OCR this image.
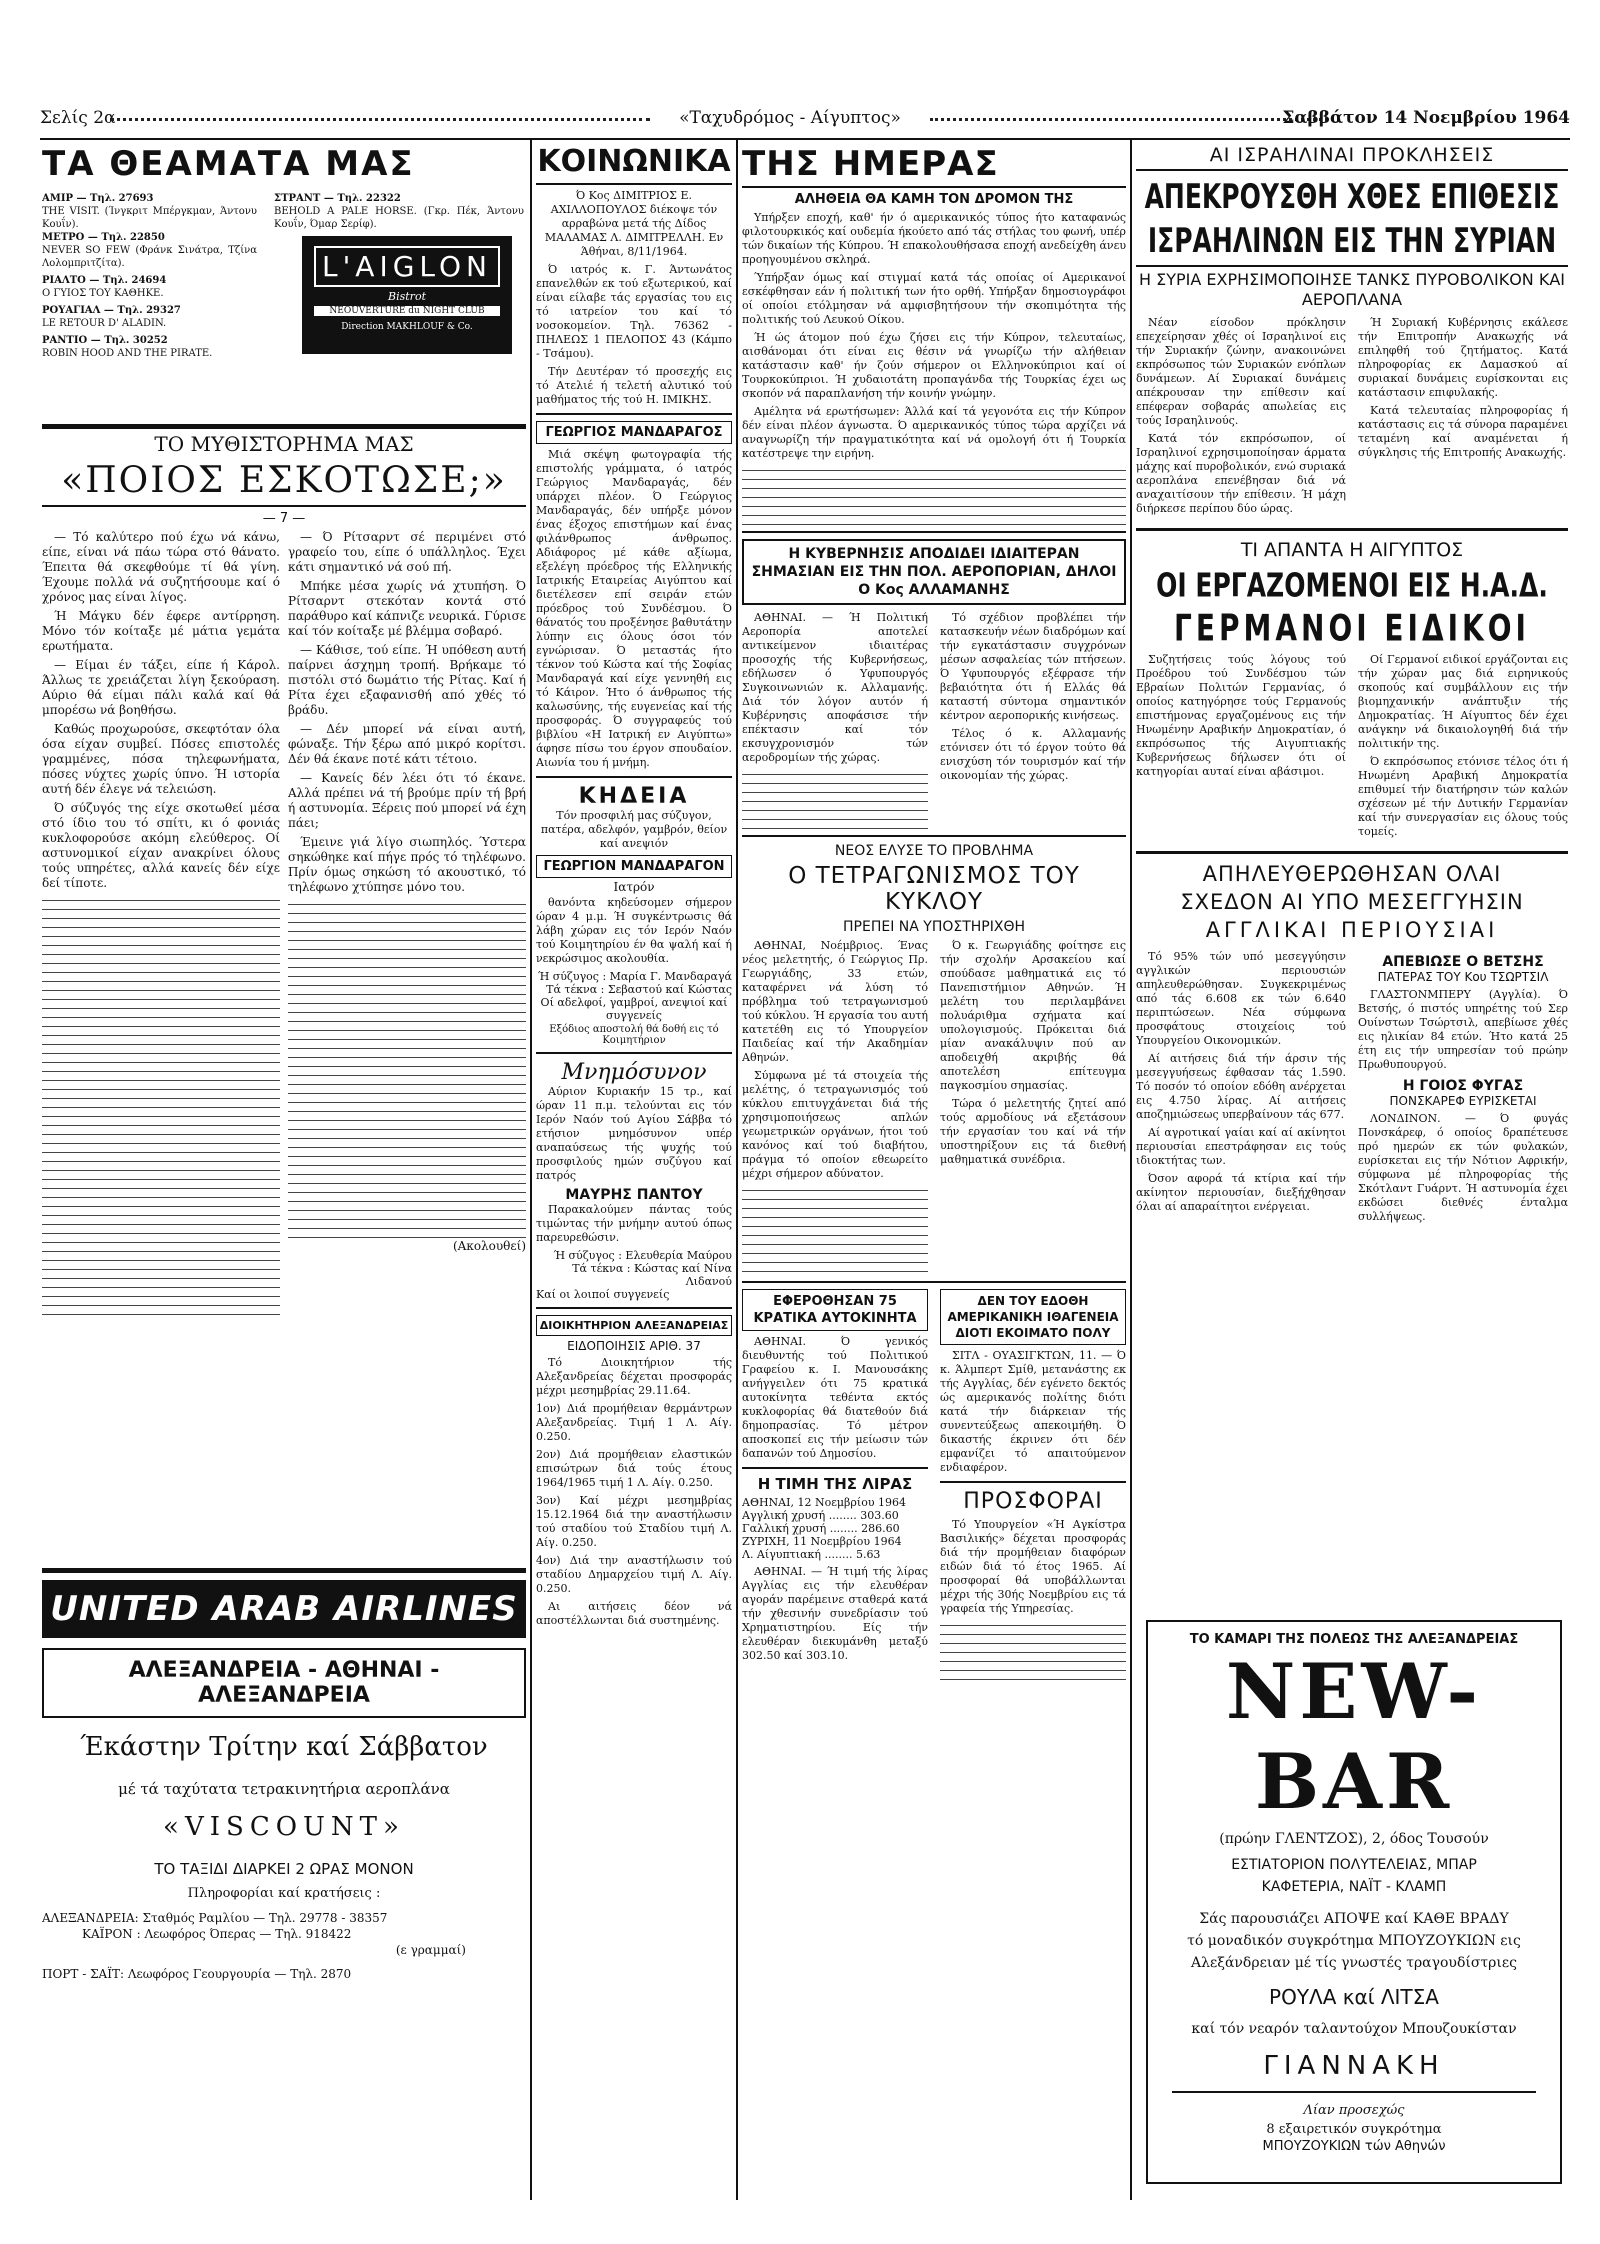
Σελίς 2α	«Ταχυδρόμος - Αίγυπτος»	Σαββάτον 14 Νοεμβρίου 1964
ΤΑ ΘΕΑΜΑΤΑ ΜΑΣ
ΑΜΙΡ — Τηλ. 27693
THE VISIT. (Ίνγκριτ Μπέργκμαν, Άντονυ Κουΐν).
ΜΕΤΡΟ — Τηλ. 22850
NEVER SO FEW (Φράνκ Σινάτρα, Τζίνα Λολομπριτζίτα).
ΡΙΑΛΤΟ — Τηλ. 24694
Ο ΓΥΙΟΣ ΤΟΥ ΚΑΘΗΚΕ.
ΡΟΥΑΓΙΑΛ — Τηλ. 29327
LE RETOUR D' ALADIN.
ΡΑΝΤΙΟ — Τηλ. 30252
ROBIN HOOD AND THE PIRATE.
ΣΤΡΑΝΤ — Τηλ. 22322
BEHOLD A PALE HORSE. (Γκρ. Πέκ, Άντονυ Κουΐν, Όμαρ Σερίφ).
L'AIGLON
Bistrot
NEOUVERTURE du NIGHT CLUB
Direction MAKHLOUF & Co.
ΤΟ ΜΥΘΙΣΤΟΡΗΜΑ ΜΑΣ
«ΠΟΙΟΣ ΕΣΚΟΤΩΣΕ;»
— 7 —

— Τό καλύτερο πού έχω νά κάνω, είπε, είναι νά πάω τώρα στό θάνατο. Έπειτα θά σκεφθούμε τί θά γίνη. Έχουμε πολλά νά συζητήσουμε καί ό χρόνος μας είναι λίγος.

Ή Μάγκυ δέν έφερε αντίρρηση. Μόνο τόν κοίταξε μέ μάτια γεμάτα ερωτήματα.

— Είμαι έν τάξει, είπε ή Κάρολ. Άλλως τε χρειάζεται λίγη ξεκούραση. Αύριο θά είμαι πάλι καλά καί θά μπορέσω νά βοηθήσω.

Καθώς προχωρούσε, σκεφτόταν όλα όσα είχαν συμβεί. Πόσες επιστολές γραμμένες, πόσα τηλεφωνήματα, πόσες νύχτες χωρίς ύπνο. Ή ιστορία αυτή δέν έλεγε νά τελειώση.

Ό σύζυγός της είχε σκοτωθεί μέσα στό ίδιο του τό σπίτι, κι ό φονιάς κυκλοφορούσε ακόμη ελεύθερος. Οί αστυνομικοί είχαν ανακρίνει όλους τούς υπηρέτες, αλλά κανείς δέν είχε δεί τίποτε.

— Ό Ρίτσαρντ σέ περιμένει στό γραφείο του, είπε ό υπάλληλος. Έχει κάτι σημαντικό νά σού πή.

Μπήκε μέσα χωρίς νά χτυπήση. Ό Ρίτσαρντ στεκόταν κοντά στό παράθυρο καί κάπνιζε νευρικά. Γύρισε καί τόν κοίταξε μέ βλέμμα σοβαρό.

— Κάθισε, τού είπε. Ή υπόθεση αυτή παίρνει άσχημη τροπή. Βρήκαμε τό πιστόλι στό δωμάτιο τής Ρίτας. Καί ή Ρίτα έχει εξαφανισθή από χθές τό βράδυ.

— Δέν μπορεί νά είναι αυτή, φώναξε. Τήν ξέρω από μικρό κορίτσι. Δέν θά έκανε ποτέ κάτι τέτοιο.

— Κανείς δέν λέει ότι τό έκανε. Αλλά πρέπει νά τή βρούμε πρίν τή βρή ή αστυνομία. Ξέρεις πού μπορεί νά έχη πάει;

Έμεινε γιά λίγο σιωπηλός. Ύστερα σηκώθηκε καί πήγε πρός τό τηλέφωνο. Πρίν όμως σηκώση τό ακουστικό, τό τηλέφωνο χτύπησε μόνο του.

(Ακολουθεί)
UNITED ARAB AIRLINES
ΑΛΕΞΑΝΔΡΕΙΑ - ΑΘΗΝΑΙ - ΑΛΕΞΑΝΔΡΕΙΑ
Έκάστην Τρίτην καί Σάββατον
μέ τά ταχύτατα τετρακινητήρια αεροπλάνα
«VISCOUNT»
ΤΟ ΤΑΞΙΔΙ ΔΙΑΡΚΕΙ 2 ΩΡΑΣ ΜΟΝΟΝ
Πληροφορίαι καί κρατήσεις :
ΑΛΕΞΑΝΔΡΕΙΑ: Σταθμός Ραμλίου — Τηλ. 29778 - 38357
ΚΑΪΡΟΝ : Λεωφόρος Όπερας — Τηλ. 918422
(ε γραμμαί)
ΠΟΡΤ - ΣΑΪΤ: Λεωφόρος Γεουργουρία — Τηλ. 2870
ΚΟΙΝΩΝΙΚΑ

Ό Κος ΔΙΜΙΤΡΙΟΣ Ε. ΑΧΙΛΛΟΠΟΥΛΟΣ διέκοψε τόν αρραβώνα μετά τής Δίδος ΜΑΛΑΜΑΣ Λ. ΔΙΜΙΤΡΕΛΛΗ. Εν Άθήναι, 8/11/1964.

Ό ιατρός κ. Γ. Άντωνάτος επανελθών εκ τού εξωτερικού, καί είναι είλαβε τάς εργασίας του εις τό ιατρείον του καί τό νοσοκομείον. Τηλ. 76362 - ΠΗΛΕΩΣ 1 ΠΕΛΟΠΟΣ 43 (Κάμπο - Τσάμου).

Τήν Δευτέραν τό προσεχής εις τό Ατελιέ ή τελετή αλυτικό τού μαθήματος τής τού Η. ΙΜΙΚΗΣ.

ΓΕΩΡΓΙΟΣ ΜΑΝΔΑΡΑΓΟΣ

Μιά σκέψη φωτογραφία τής επιστολής γράμματα, ό ιατρός Γεώργιος Μανδαραγάς, δέν υπάρχει πλέον. Ό Γεώργιος Μανδαραγάς, δέν υπήρξε μόνον ένας έξοχος επιστήμων καί ένας φιλάνθρωπος άνθρωπος. Αδιάφορος μέ κάθε αξίωμα, εξελέγη πρόεδρος τής Ελληνικής Ιατρικής Εταιρείας Αιγύπτου καί διετέλεσεν επί σειράν ετών πρόεδρος τού Συνδέσμου. Ό θάνατός του προξένησε βαθυτάτην λύπην εις όλους όσοι τόν εγνώρισαν. Ό μεταστάς ήτο τέκνον τού Κώστα καί τής Σοφίας Μανδαραγά καί είχε γεννηθή εις τό Κάιρον. Ήτο ό άνθρωπος τής καλωσύνης, τής ευγενείας καί τής προσφοράς. Ό συγγραφεύς τού βιβλίου «Η Ιατρική εν Αιγύπτω» άφησε πίσω του έργον σπουδαίον. Αιωνία του ή μνήμη.

ΚΗΔΕΙΑ

Τόν προσφιλή μας σύζυγον, πατέρα, αδελφόν, γαμβρόν, θείον καί ανεψιόν

ΓΕΩΡΓΙΟΝ ΜΑΝΔΑΡΑΓΟΝ
Ιατρόν

θανόντα κηδεύσομεν σήμερον ώραν 4 μ.μ. Ή συγκέντρωσις θά λάβη χώραν εις τόν Ιερόν Ναόν τού Κοιμητηρίου έν θα ψαλή καί ή νεκρώσιμος ακολουθία.

Ή σύζυγος : Μαρία Γ. Μανδαραγά
Τά τέκνα : Σεβαστού καί Κώστας
Οί αδελφοί, γαμβροί, ανεψιοί καί συγγενείς
Εξόδιος αποστολή θά δοθή εις τό Κοιμητήριον
Μνημόσυνον

Αύριον Κυριακήν 15 τρ., καί ώραν 11 π.μ. τελούνται εις τόν Ιερόν Ναόν τού Αγίου Σάββα τό ετήσιον μνημόσυνον υπέρ αναπαύσεως τής ψυχής τού προσφιλούς ημών συζύγου καί πατρός

ΜΑΥΡΗΣ ΠΑΝΤΟΥ

Παρακαλούμεν πάντας τούς τιμώντας τήν μνήμην αυτού όπως παρευρεθώσιν.

Ή σύζυγος : Ελευθερία Μαύρου
Τά τέκνα : Κώστας καί Νίνα Λιδανού
Καί οι λοιποί συγγενείς
ΔΙΟΙΚΗΤΗΡΙΟΝ ΑΛΕΞΑΝΔΡΕΙΑΣ
ΕΙΔΟΠΟΙΗΣΙΣ ΑΡΙΘ. 37

Τό Διοικητήριον τής Αλεξανδρείας δέχεται προσφοράς μέχρι μεσημβρίας 29.11.64.

1ον) Διά προμήθειαν θερμάντρων Αλεξανδρείας. Τιμή 1 Λ. Αίγ. 0.250.

2ον) Διά προμήθειαν ελαστικών επισώτρων διά τούς έτους 1964/1965 τιμή 1 Λ. Αίγ. 0.250.

3ον) Καί μέχρι μεσημβρίας 15.12.1964 διά την αναστήλωσιν τού σταδίου τού Σταδίου τιμή Λ. Αίγ. 0.250.

4ον) Διά την αναστήλωσιν τού σταδίου Δημαρχείου τιμή Λ. Αίγ. 0.250.

Αι αιτήσεις δέον νά αποστέλλωνται διά συστημένης.

ΤΗΣ ΗΜΕΡΑΣ
ΑΛΗΘΕΙΑ ΘΑ ΚΑΜΗ ΤΟΝ ΔΡΟΜΟΝ ΤΗΣ

Υπήρξεν εποχή, καθ' ήν ό αμερικανικός τύπος ήτο καταφανώς φιλοτουρκικός καί ουδεμία ήκούετο από τάς στήλας του φωνή, υπέρ τών δικαίων τής Κύπρου. Ή επακολουθήσασα εποχή ανεδείχθη άνευ προηγουμένου σκληρά.

Ύπήρξαν όμως καί στιγμαί κατά τάς οποίας οί Αμερικανοί εσκέφθησαν εάν ή πολιτική των ήτο ορθή. Υπήρξαν δημοσιογράφοι οί οποίοι ετόλμησαν νά αμφισβητήσουν τήν σκοπιμότητα τής πολιτικής τού Λευκού Οίκου.

Ή ώς άτομον πού έχω ζήσει εις τήν Κύπρον, τελευταίως, αισθάνομαι ότι είναι εις θέσιν νά γνωρίζω τήν αλήθειαν κατάστασιν καθ' ήν ζούν σήμερον οι Ελληνοκύπριοι καί οί Τουρκοκύπριοι. Ή χυδαιοτάτη προπαγάνδα τής Τουρκίας έχει ως σκοπόν νά παραπλανήση τήν κοινήν γνώμην.

Αμέλητα νά ερωτήσωμεν: Άλλά καί τά γεγονότα εις τήν Κύπρον δέν είναι πλέον άγνωστα. Ό αμερικανικός τύπος τώρα αρχίζει νά αναγνωρίζη τήν πραγματικότητα καί νά ομολογή ότι ή Τουρκία κατέστρεψε την ειρήνη.

Η ΚΥΒΕΡΝΗΣΙΣ ΑΠΟΔΙΔΕΙ ΙΔΙΑΙΤΕΡΑΝ ΣΗΜΑΣΙΑΝ ΕΙΣ ΤΗΝ ΠΟΛ. ΑΕΡΟΠΟΡΙΑΝ, ΔΗΛΟΙ Ο Κος ΑΛΛΑΜΑΝΗΣ

ΑΘΗΝΑΙ. — Ή Πολιτική Αεροπορία αποτελεί αντικείμενον ιδιαιτέρας προσοχής τής Κυβερνήσεως, εδήλωσεν ό Υφυπουργός Συγκοινωνιών κ. Αλλαμανής. Διά τόν λόγον αυτόν ή Κυβέρνησις αποφάσισε τήν επέκτασιν καί τόν εκσυγχρονισμόν τών αεροδρομίων τής χώρας.

Τό σχέδιον προβλέπει τήν κατασκευήν νέων διαδρόμων καί τήν εγκατάστασιν συγχρόνων μέσων ασφαλείας τών πτήσεων. Ό Υφυπουργός εξέφρασε τήν βεβαιότητα ότι ή Ελλάς θά καταστή σύντομα σημαντικόν κέντρον αεροπορικής κινήσεως.

Τέλος ό κ. Αλλαμανής ετόνισεν ότι τό έργον τούτο θά ενισχύση τόν τουρισμόν καί τήν οικονομίαν τής χώρας.

ΝΕΟΣ ΕΛΥΣΕ ΤΟ ΠΡΟΒΛΗΜΑ
Ο ΤΕΤΡΑΓΩΝΙΣΜΟΣ ΤΟΥ ΚΥΚΛΟΥ
ΠΡΕΠΕΙ ΝΑ ΥΠΟΣΤΗΡΙΧΘΗ

ΑΘΗΝΑΙ, Νοέμβριος. Ένας νέος μελετητής, ό Γεώργιος Πρ. Γεωργιάδης, 33 ετών, καταφέρνει νά λύση τό πρόβλημα τού τετραγωνισμού τού κύκλου. Ή εργασία του αυτή κατετέθη εις τό Υπουργείον Παιδείας καί τήν Ακαδημίαν Αθηνών.

Σύμφωνα μέ τά στοιχεία τής μελέτης, ό τετραγωνισμός τού κύκλου επιτυγχάνεται διά τής χρησιμοποιήσεως απλών γεωμετρικών οργάνων, ήτοι τού κανόνος καί τού διαβήτου, πράγμα τό οποίον εθεωρείτο μέχρι σήμερον αδύνατον.

Ό κ. Γεωργιάδης φοίτησε εις τήν σχολήν Αρσακείου καί σπούδασε μαθηματικά εις τό Πανεπιστήμιον Αθηνών. Ή μελέτη του περιλαμβάνει πολυάριθμα σχήματα καί υπολογισμούς. Πρόκειται διά μίαν ανακάλυψιν πού αν αποδειχθή ακριβής θά αποτελέση επίτευγμα παγκοσμίου σημασίας.

Τώρα ό μελετητής ζητεί από τούς αρμοδίους νά εξετάσουν τήν εργασίαν του καί νά τήν υποστηρίξουν εις τά διεθνή μαθηματικά συνέδρια.

ΕΦΕΡΟΘΗΣΑΝ 75 ΚΡΑΤΙΚΑ ΑΥΤΟΚΙΝΗΤΑ

ΑΘΗΝΑΙ. Ό γενικός διευθυντής τού Πολιτικού Γραφείου κ. Ι. Μανουσάκης ανήγγειλεν ότι 75 κρατικά αυτοκίνητα τεθέντα εκτός κυκλοφορίας θά διατεθούν διά δημοπρασίας. Τό μέτρον αποσκοπεί εις τήν μείωσιν τών δαπανών τού Δημοσίου.

Η ΤΙΜΗ ΤΗΣ ΛΙΡΑΣ
ΑΘΗΝΑΙ, 12 Νοεμβρίου 1964
Αγγλική χρυσή ........ 303.60
Γαλλική χρυσή ........ 286.60
ΖΥΡΙΧΗ, 11 Νοεμβρίου 1964
Λ. Αίγυπτιακή ........ 5.63

ΑΘΗΝΑΙ. — Ή τιμή τής λίρας Αγγλίας εις τήν ελευθέραν αγοράν παρέμεινε σταθερά κατά τήν χθεσινήν συνεδρίασιν τού Χρηματιστηρίου. Είς τήν ελευθέραν διεκυμάνθη μεταξύ 302.50 καί 303.10.

ΔΕΝ ΤΟΥ ΕΔΟΘΗ ΑΜΕΡΙΚΑΝΙΚΗ ΙΘΑΓΕΝΕΙΑ ΔΙΟΤΙ ΕΚΟΙΜΑΤΟ ΠΟΛΥ

ΣΙΤΛ - ΟΥΑΣΙΓΚΤΩΝ, 11. — Ό κ. Άλμπερτ Σμίθ, μετανάστης εκ τής Αγγλίας, δέν εγένετο δεκτός ώς αμερικανός πολίτης διότι κατά τήν διάρκειαν τής συνεντεύξεως απεκοιμήθη. Ό δικαστής έκρινεν ότι δέν εμφανίζει τό απαιτούμενον ενδιαφέρον.

ΠΡΟΣΦΟΡΑΙ

Τό Υπουργείον «Ή Αγκίστρα Βασιλικής» δέχεται προσφοράς διά τήν προμήθειαν διαφόρων ειδών διά τό έτος 1965. Αί προσφοραί θά υποβάλλωνται μέχρι τής 30ής Νοεμβρίου εις τά γραφεία τής Υπηρεσίας.

ΑΙ ΙΣΡΑΗΛΙΝΑΙ ΠΡΟΚΛΗΣΕΙΣ
ΑΠΕΚΡΟΥΣΘΗ ΧΘΕΣ ΕΠΙΘΕΣΙΣ
ΙΣΡΑΗΛΙΝΩΝ ΕΙΣ ΤΗΝ ΣΥΡΙΑΝ
Η ΣΥΡΙΑ ΕΧΡΗΣΙΜΟΠΟΙΗΣΕ ΤΑΝΚΣ ΠΥΡΟΒΟΛΙΚΟΝ ΚΑΙ ΑΕΡΟΠΛΑΝΑ

Νέαν είσοδον πρόκλησιν επεχείρησαν χθές οί Ισραηλινοί εις τήν Συριακήν ζώνην, ανακοινώνει εκπρόσωπος τών Συριακών ενόπλων δυνάμεων. Αί Συριακαί δυνάμεις απέκρουσαν την επίθεσιν καί επέφεραν σοβαράς απωλείας εις τούς Ισραηλινούς.

Κατά τόν εκπρόσωπον, οί Ισραηλινοί εχρησιμοποίησαν άρματα μάχης καί πυροβολικόν, ενώ συριακά αεροπλάνα επενέβησαν διά νά αναχαιτίσουν τήν επίθεσιν. Ή μάχη διήρκεσε περίπου δύο ώρας.

Ή Συριακή Κυβέρνησις εκάλεσε τήν Επιτροπήν Ανακωχής νά επιληφθή τού ζητήματος. Κατά πληροφορίας εκ Δαμασκού αί συριακαί δυνάμεις ευρίσκονται εις κατάστασιν επιφυλακής.

Κατά τελευταίας πληροφορίας ή κατάστασις εις τά σύνορα παραμένει τεταμένη καί αναμένεται ή σύγκλησις τής Επιτροπής Ανακωχής.

ΤΙ ΑΠΑΝΤΑ Η ΑΙΓΥΠΤΟΣ
ΟΙ ΕΡΓΑΖΟΜΕΝΟΙ ΕΙΣ Η.Α.Δ.
ΓΕΡΜΑΝΟΙ ΕΙΔΙΚΟΙ

Συζητήσεις τούς λόγους τού Προέδρου τού Συνδέσμου τών Εβραίων Πολιτών Γερμανίας, ό οποίος κατηγόρησε τούς Γερμανούς επιστήμονας εργαζομένους εις τήν Ηνωμένην Αραβικήν Δημοκρατίαν, ό εκπρόσωπος τής Αιγυπτιακής Κυβερνήσεως δήλωσεν ότι οί κατηγορίαι αυταί είναι αβάσιμοι.

Οί Γερμανοί ειδικοί εργάζονται εις τήν χώραν μας διά ειρηνικούς σκοπούς καί συμβάλλουν εις τήν βιομηχανικήν ανάπτυξιν τής Δημοκρατίας. Ή Αίγυπτος δέν έχει ανάγκην νά δικαιολογηθή διά τήν πολιτικήν της.

Ό εκπρόσωπος ετόνισε τέλος ότι ή Ηνωμένη Αραβική Δημοκρατία επιθυμεί τήν διατήρησιν τών καλών σχέσεων μέ τήν Δυτικήν Γερμανίαν καί τήν συνεργασίαν εις όλους τούς τομείς.

ΑΠΗΛΕΥΘΕΡΩΘΗΣΑΝ ΟΛΑΙ
ΣΧΕΔΟΝ ΑΙ ΥΠΟ ΜΕΣΕΓΓΥΗΣΙΝ
ΑΓΓΛΙΚΑΙ ΠΕΡΙΟΥΣΙΑΙ

Τό 95% τών υπό μεσεγγύησιν αγγλικών περιουσιών απηλευθερώθησαν. Συγκεκριμένως από τάς 6.608 εκ τών 6.640 περιπτώσεων. Νέα σύμφωνα προσφάτους στοιχείοις τού Υπουργείου Οικονομικών.

Αί αιτήσεις διά τήν άρσιν τής μεσεγγυήσεως έφθασαν τάς 1.590. Τό ποσόν τό οποίον εδόθη ανέρχεται εις 4.750 λίρας. Αί αιτήσεις αποζημιώσεως υπερβαίνουν τάς 677.

Αί αγροτικαί γαίαι καί αί ακίνητοι περιουσίαι επεστράφησαν εις τούς ιδιοκτήτας των.

Όσον αφορά τά κτίρια καί τήν ακίνητον περιουσίαν, διεξήχθησαν όλαι αί απαραίτητοι ενέργειαι.

ΑΠΕΒΙΩΣΕ Ο ΒΕΤΣΗΣ
ΠΑΤΕΡΑΣ ΤΟΥ Κου ΤΣΩΡΤΣΙΛ

ΓΛΑΣΤΟΝΜΠΕΡΥ (Αγγλία). Ό Βετσής, ό πιστός υπηρέτης τού Σερ Ουίνστων Τσώρτσιλ, απεβίωσε χθές εις ηλικίαν 84 ετών. Ήτο κατά 25 έτη εις τήν υπηρεσίαν τού πρώην Πρωθυπουργού.

Η ΓΟΙΟΣ ΦΥΓΑΣ
ΠΟΝΣΚΑΡΕΦ ΕΥΡΙΣΚΕΤΑΙ

ΛΟΝΔΙΝΟΝ. — Ό φυγάς Πονσκάρεφ, ό οποίος δραπέτευσε πρό ημερών εκ τών φυλακών, ευρίσκεται εις τήν Νότιον Αφρικήν, σύμφωνα μέ πληροφορίας τής Σκότλαντ Γυάρντ. Ή αστυνομία έχει εκδώσει διεθνές ένταλμα συλλήψεως.

ΤΟ ΚΑΜΑΡΙ ΤΗΣ ΠΟΛΕΩΣ ΤΗΣ ΑΛΕΞΑΝΔΡΕΙΑΣ
NEW-BAR
(πρώην ΓΛΕΝΤΖΟΣ), 2, όδος Τουσούν
ΕΣΤΙΑΤΟΡΙΟΝ ΠΟΛΥΤΕΛΕΙΑΣ, ΜΠΑΡ
ΚΑΦΕΤΕΡΙΑ, ΝΑΪΤ - ΚΛΑΜΠ
Σάς παρουσιάζει ΑΠΟΨΕ καί ΚΑΘΕ ΒΡΑΔΥ
τό μοναδικόν συγκρότημα ΜΠΟΥΖΟΥΚΙΩΝ εις
Αλεξάνδρειαν μέ τίς γνωστές τραγουδίστριες
ΡΟΥΛΑ καί ΛΙΤΣΑ
καί τόν νεαρόν ταλαντούχον Μπουζουκίσταν
ΓΙΑΝΝΑΚΗ
Λίαν προσεχώς
8 εξαιρετικόν συγκρότημα
ΜΠΟΥΖΟΥΚΙΩΝ τών Αθηνών
